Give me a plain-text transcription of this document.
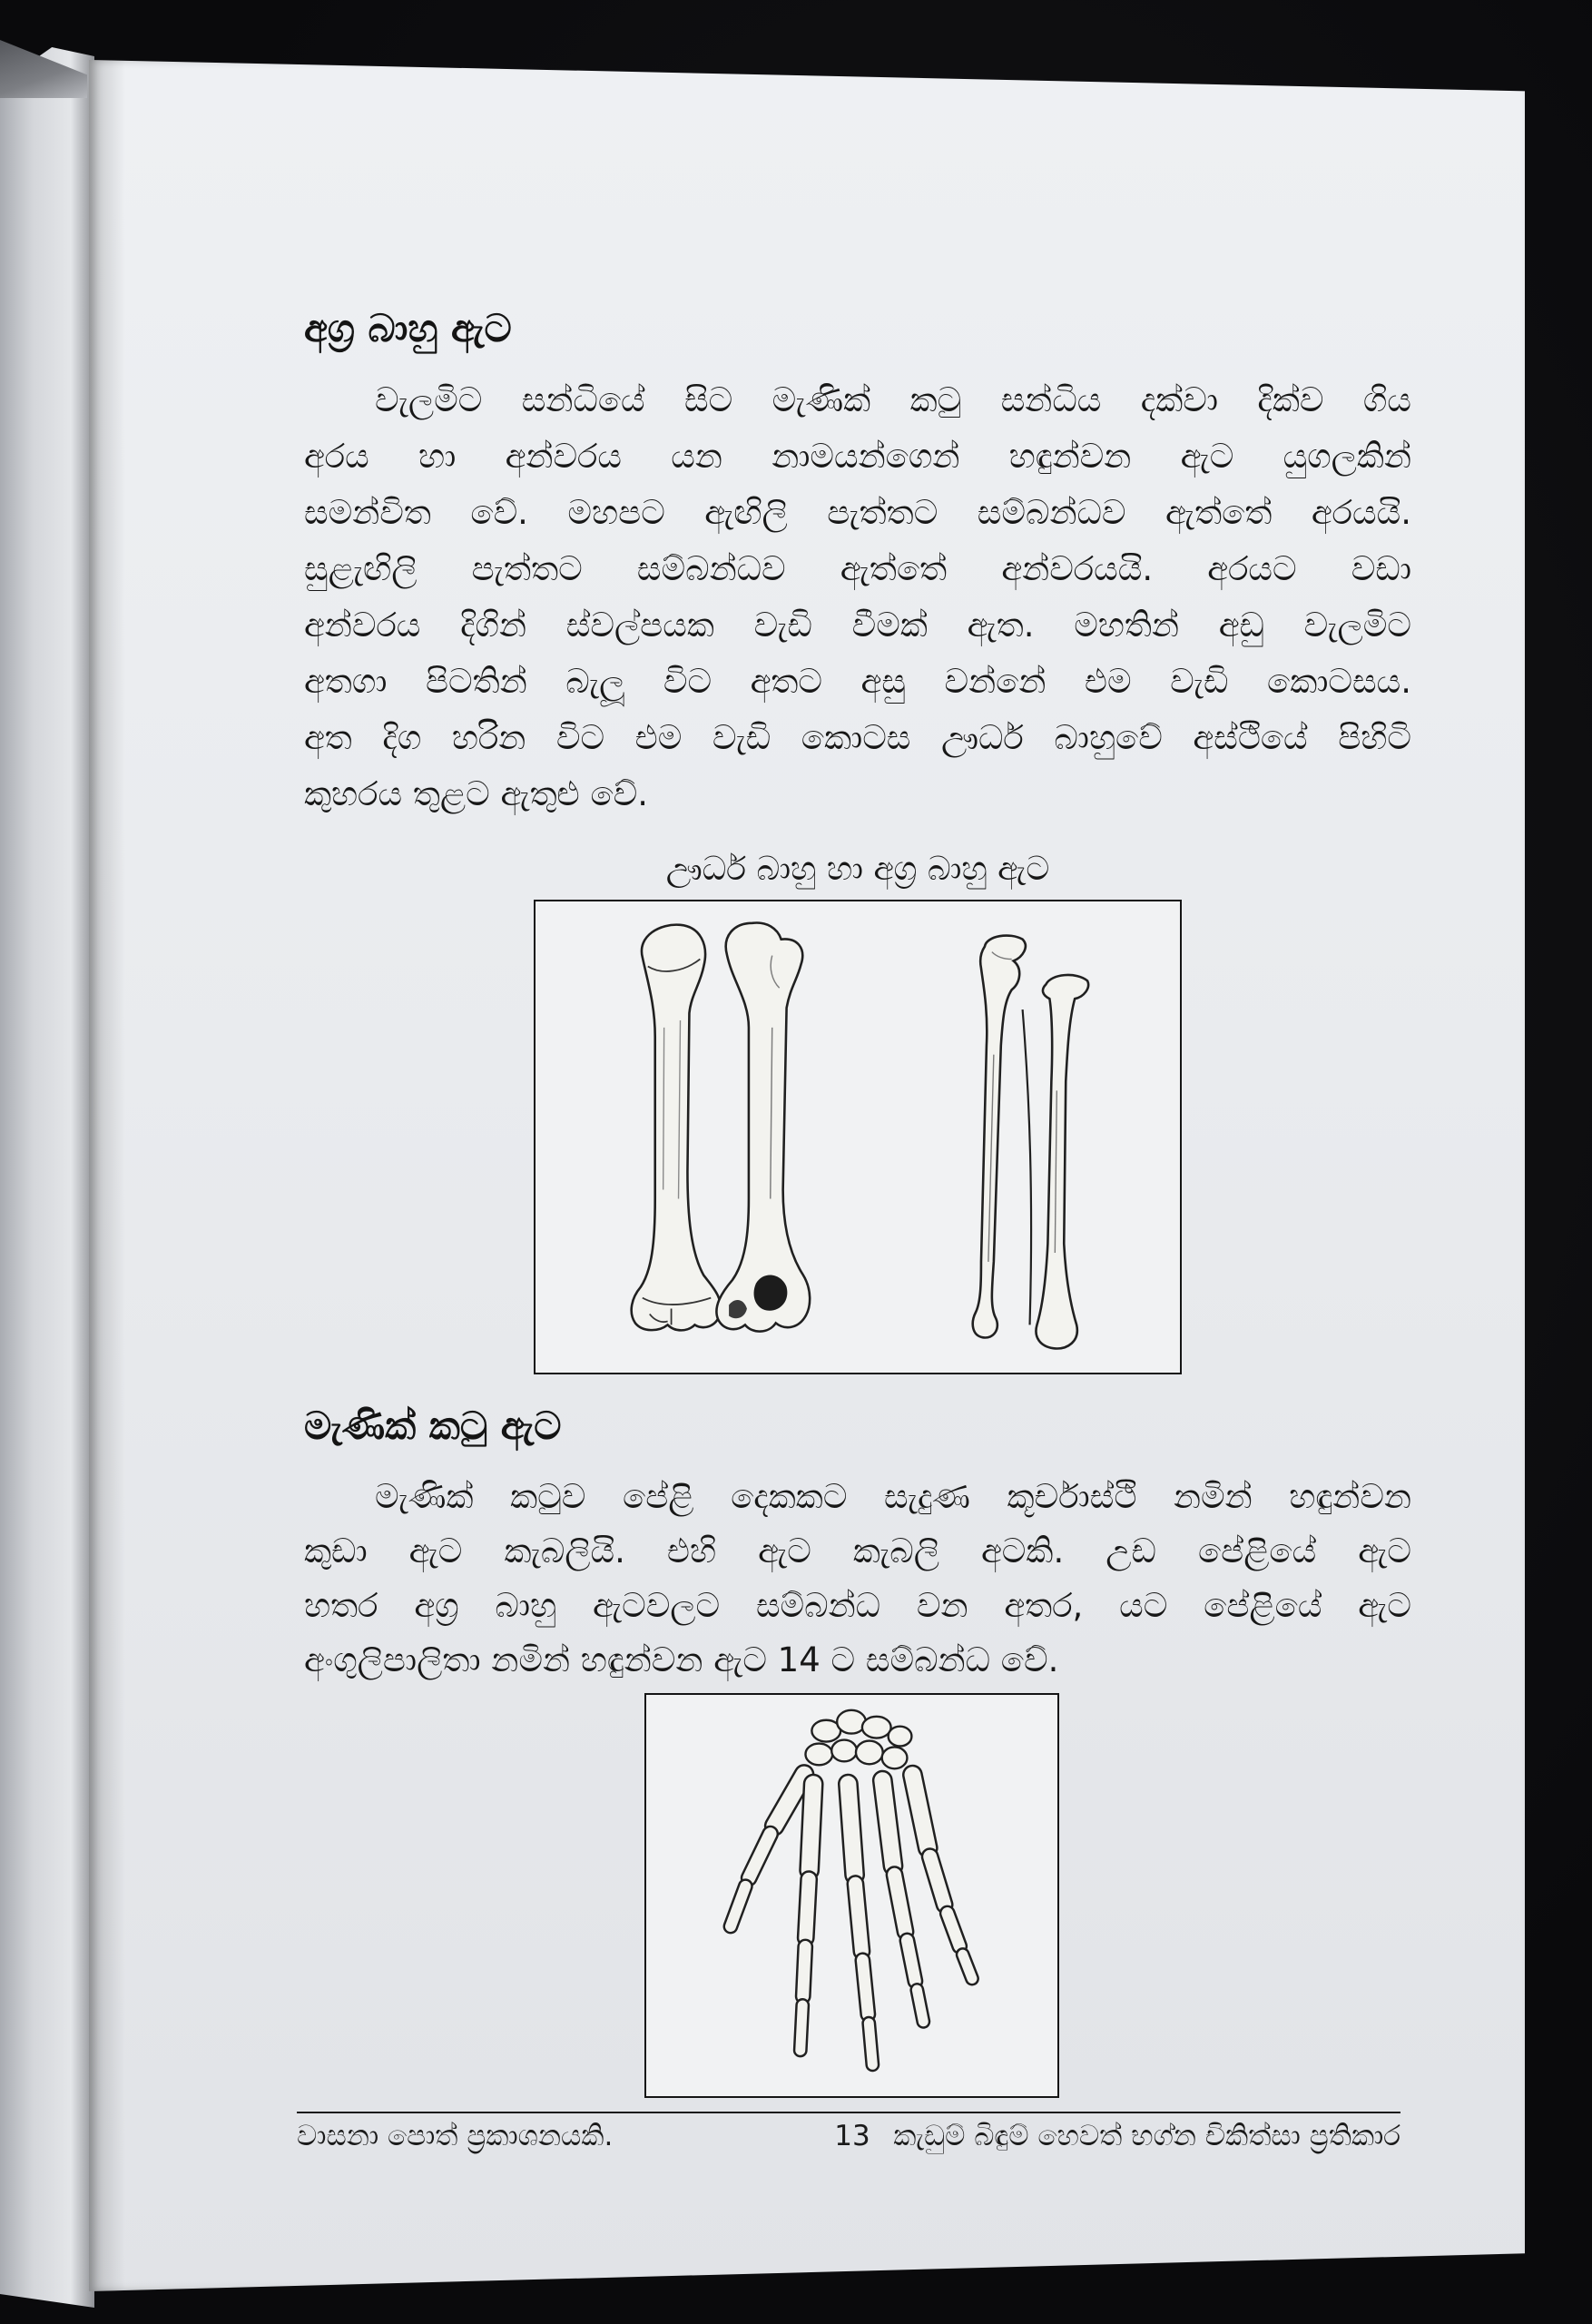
අග්‍ර බාහු ඇට
වැලමිට සන්ධියේ සිට මැණික් කටු සන්ධිය දක්වා දික්ව ගිය
අරය හා අන්වරය යන නාමයන්ගෙන් හඳුන්වන ඇට යුගලකින්
සමන්විත වේ. මහපට ඇඟිලි පැත්තට සම්බන්ධව ඇත්තේ අරයයි.
සුළැඟිලි පැත්තට සම්බන්ධව ඇත්තේ අන්වරයයි. අරයට වඩා
අන්වරය දිගින් ස්වල්පයක වැඩි වීමක් ඇත. මහතින් අඩු වැලමිට
අතගා පිටතින් බැලූ විට අතට අසු වන්නේ එම වැඩි කොටසය.
අත දිග හරින විට එම වැඩි කොටස ඌර්ධ බාහුවේ අස්ථියේ පිහිටි
කුහරය තුළට ඇතුළු වේ.
ඌර්ධ බාහු හා අග්‍ර බාහු ඇට
මැණික් කටු ඇට
මැණික් කටුව පේළි දෙකකට සැදුණ කූර්චාස්ථි නමින් හඳුන්වන
කුඩා ඇට කැබලියි. එහි ඇට කැබලි අටකි. උඩ පේළියේ ඇට
හතර අග්‍ර බාහු ඇටවලට සම්බන්ධ වන අතර, යට පේළියේ ඇට
අංගුලිපාලිතා නමින් හඳුන්වන ඇට 14 ට සම්බන්ධ වේ.
වාසනා පොත් ප්‍රකාශනයකි.	13 කැඩුම් බිඳුම් හෙවත් භග්න චිකිත්සා ප්‍රතිකාර
